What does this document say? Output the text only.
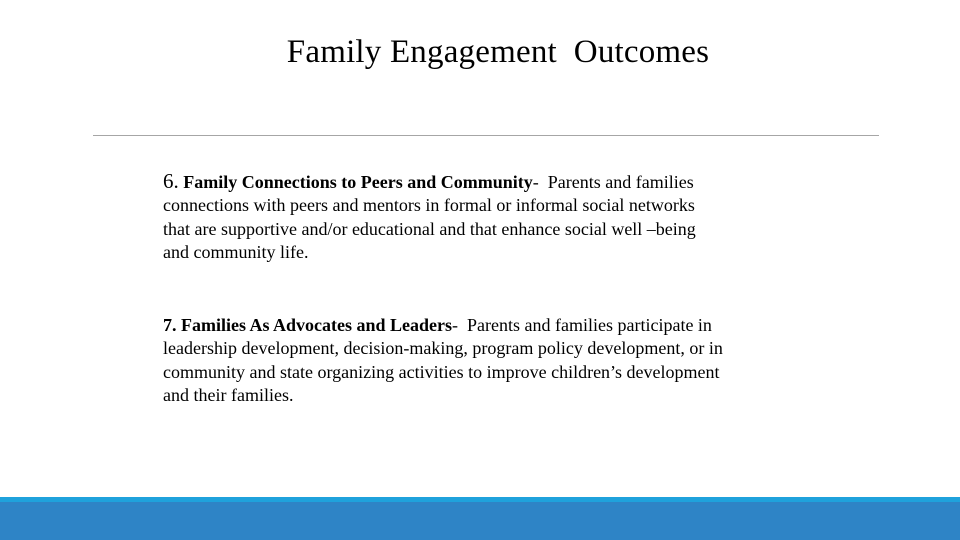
Family Engagement  Outcomes
6. Family Connections to Peers and Community-  Parents and families
connections with peers and mentors in formal or informal social networks
that are supportive and/or educational and that enhance social well –being
and community life.
7. Families As Advocates and Leaders-  Parents and families participate in
leadership development, decision-making, program policy development, or in
community and state organizing activities to improve children’s development
and their families.
